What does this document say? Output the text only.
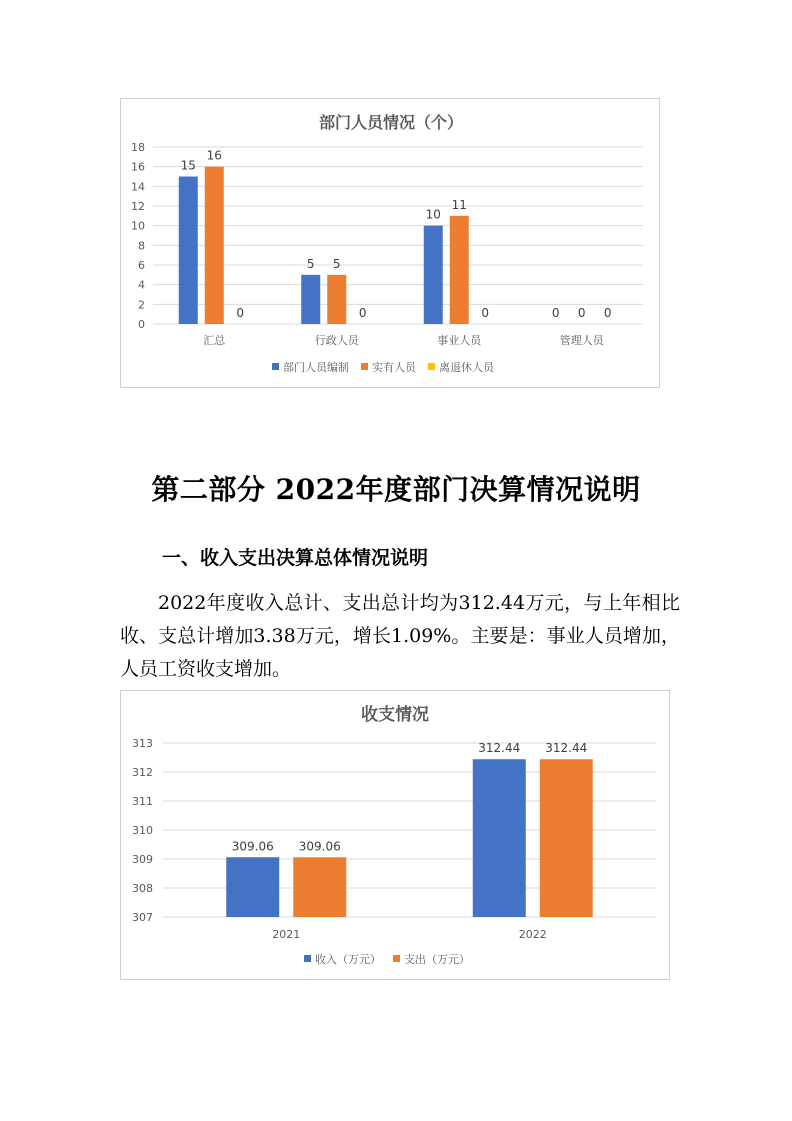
部门人员情况（个）
0
2
4
6
8
10
12
14
16
18
汇总
15
16
0
行政人员
5 5
0
事业人员
10
11
0
管理人员
0 0 0
部门人员编制 实有人员 离退休人员
第二部分 2022年度部门决算情况说明
一、收入支出决算总体情况说明
2022年度收入总计、支出总计均为312.44万元，与上年相比收、支总计增加3.38万元，增长1.09%。主要是：事业人员增加，人员工资收支增加。
收支情况
307
308
309
310
311
312
313
2021
309.06 309.06
2022
312.44 312.44
收入（万元） 支出（万元）
